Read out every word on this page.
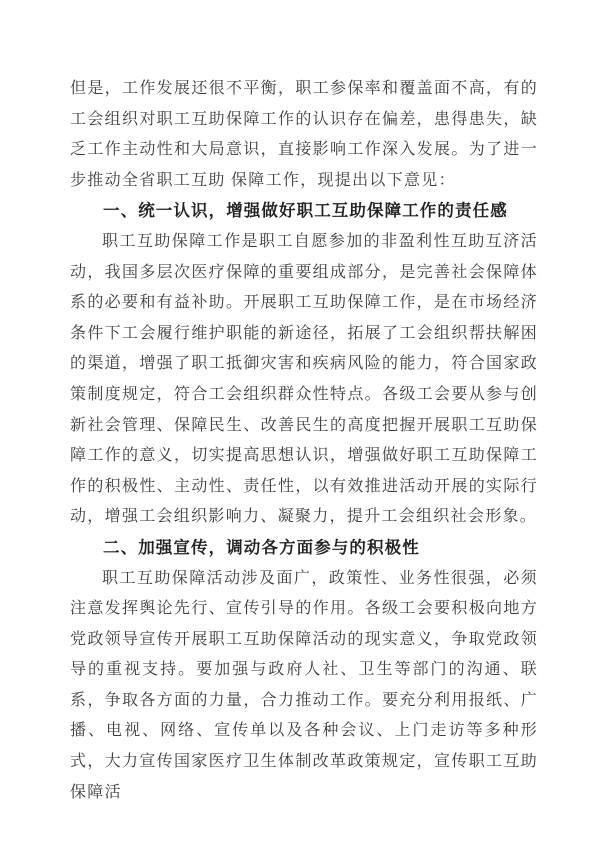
但是，工作发展还很不平衡，职工参保率和覆盖面不高，有的工会组织对职工互助保障工作的认识存在偏差，患得患失，缺乏工作主动性和大局意识，直接影响工作深入发展。为了进一步推动全省职工互助 保障工作，现提出以下意见：

一、统一认识，增强做好职工互助保障工作的责任感

职工互助保障工作是职工自愿参加的非盈利性互助互济活动，我国多层次医疗保障的重要组成部分，是完善社会保障体系的必要和有益补助。开展职工互助保障工作，是在市场经济条件下工会履行维护职能的新途径，拓展了工会组织帮扶解困的渠道，增强了职工抵御灾害和疾病风险的能力，符合国家政策制度规定，符合工会组织群众性特点。各级工会要从参与创新社会管理、保障民生、改善民生的高度把握开展职工互助保障工作的意义，切实提高思想认识，增强做好职工互助保障工作的积极性、主动性、责任性，以有效推进活动开展的实际行动，增强工会组织影响力、凝聚力，提升工会组织社会形象。

二、加强宣传，调动各方面参与的积极性

职工互助保障活动涉及面广，政策性、业务性很强，必须注意发挥舆论先行、宣传引导的作用。各级工会要积极向地方党政领导宣传开展职工互助保障活动的现实意义，争取党政领导的重视支持。要加强与政府人社、卫生等部门的沟通、联系，争取各方面的力量，合力推动工作。要充分利用报纸、广播、电视、网络、宣传单以及各种会议、上门走访等多种形式，大力宣传国家医疗卫生体制改革政策规定，宣传职工互助保障活
